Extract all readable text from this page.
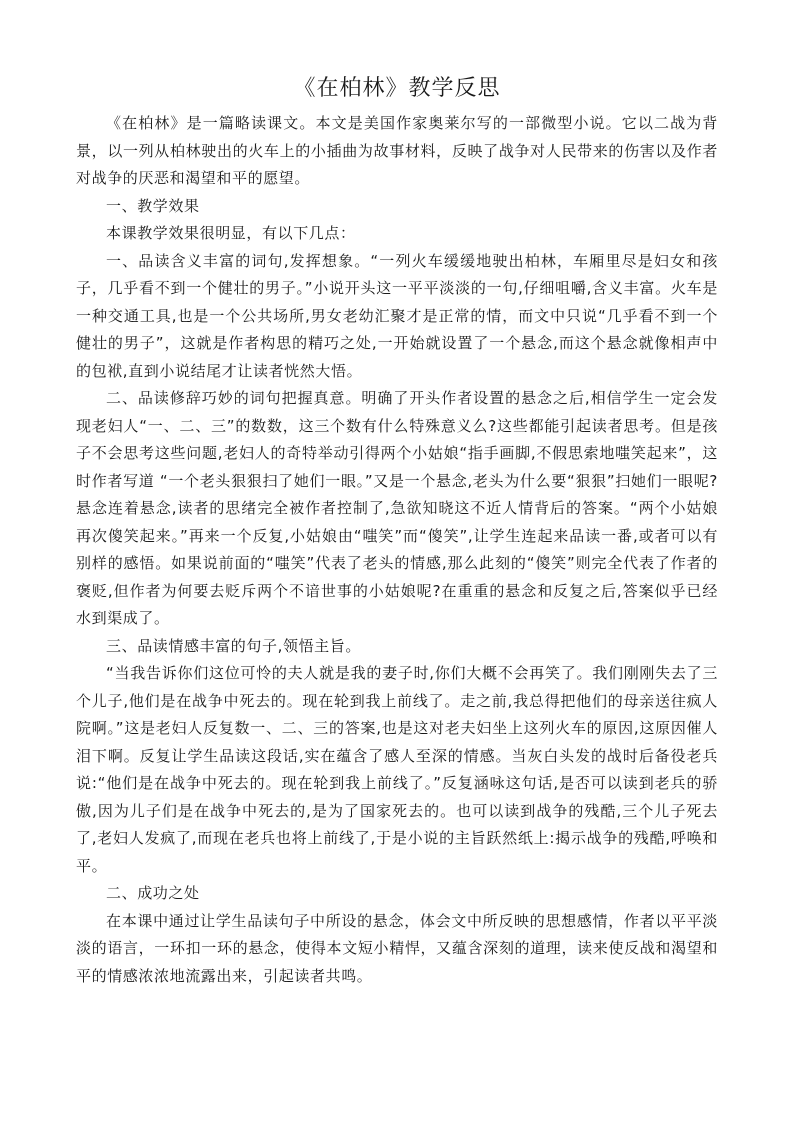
《在柏林》教学反思

《在柏林》是一篇略读课文。本文是美国作家奥莱尔写的一部微型小说。它以二战为背景，以一列从柏林驶出的火车上的小插曲为故事材料，反映了战争对人民带来的伤害以及作者对战争的厌恶和渴望和平的愿望。

一、教学效果

本课教学效果很明显，有以下几点：

一、品读含义丰富的词句,发挥想象。“一列火车缓缓地驶出柏林，车厢里尽是妇女和孩子，几乎看不到一个健壮的男子。”小说开头这一平平淡淡的一句,仔细咀嚼,含义丰富。火车是一种交通工具,也是一个公共场所,男女老幼汇聚才是正常的情，而文中只说“几乎看不到一个健壮的男子”，这就是作者构思的精巧之处,一开始就设置了一个悬念,而这个悬念就像相声中的包袱,直到小说结尾才让读者恍然大悟。

二、品读修辞巧妙的词句把握真意。明确了开头作者设置的悬念之后,相信学生一定会发现老妇人“一、二、三”的数数，这三个数有什么特殊意义么?这些都能引起读者思考。但是孩子不会思考这些问题,老妇人的奇特举动引得两个小姑娘“指手画脚,不假思索地嗤笑起来”，这时作者写道 “一个老头狠狠扫了她们一眼。”又是一个悬念,老头为什么要“狠狠”扫她们一眼呢?悬念连着悬念,读者的思绪完全被作者控制了,急欲知晓这不近人情背后的答案。“两个小姑娘再次傻笑起来。”再来一个反复,小姑娘由“嗤笑”而“傻笑”,让学生连起来品读一番,或者可以有别样的感悟。如果说前面的“嗤笑”代表了老头的情感,那么此刻的“傻笑”则完全代表了作者的褒贬,但作者为何要去贬斥两个不谙世事的小姑娘呢?在重重的悬念和反复之后,答案似乎已经水到渠成了。

三、品读情感丰富的句子,领悟主旨。

“当我告诉你们这位可怜的夫人就是我的妻子时,你们大概不会再笑了。我们刚刚失去了三个儿子,他们是在战争中死去的。现在轮到我上前线了。走之前,我总得把他们的母亲送往疯人院啊。”这是老妇人反复数一、二、三的答案,也是这对老夫妇坐上这列火车的原因,这原因催人泪下啊。反复让学生品读这段话,实在蕴含了感人至深的情感。当灰白头发的战时后备役老兵说:“他们是在战争中死去的。现在轮到我上前线了。”反复涵咏这句话,是否可以读到老兵的骄傲,因为儿子们是在战争中死去的,是为了国家死去的。也可以读到战争的残酷,三个儿子死去了,老妇人发疯了,而现在老兵也将上前线了,于是小说的主旨跃然纸上:揭示战争的残酷,呼唤和平。

二、成功之处

在本课中通过让学生品读句子中所设的悬念，体会文中所反映的思想感情，作者以平平淡淡的语言，一环扣一环的悬念，使得本文短小精悍，又蕴含深刻的道理，读来使反战和渴望和平的情感浓浓地流露出来，引起读者共鸣。
